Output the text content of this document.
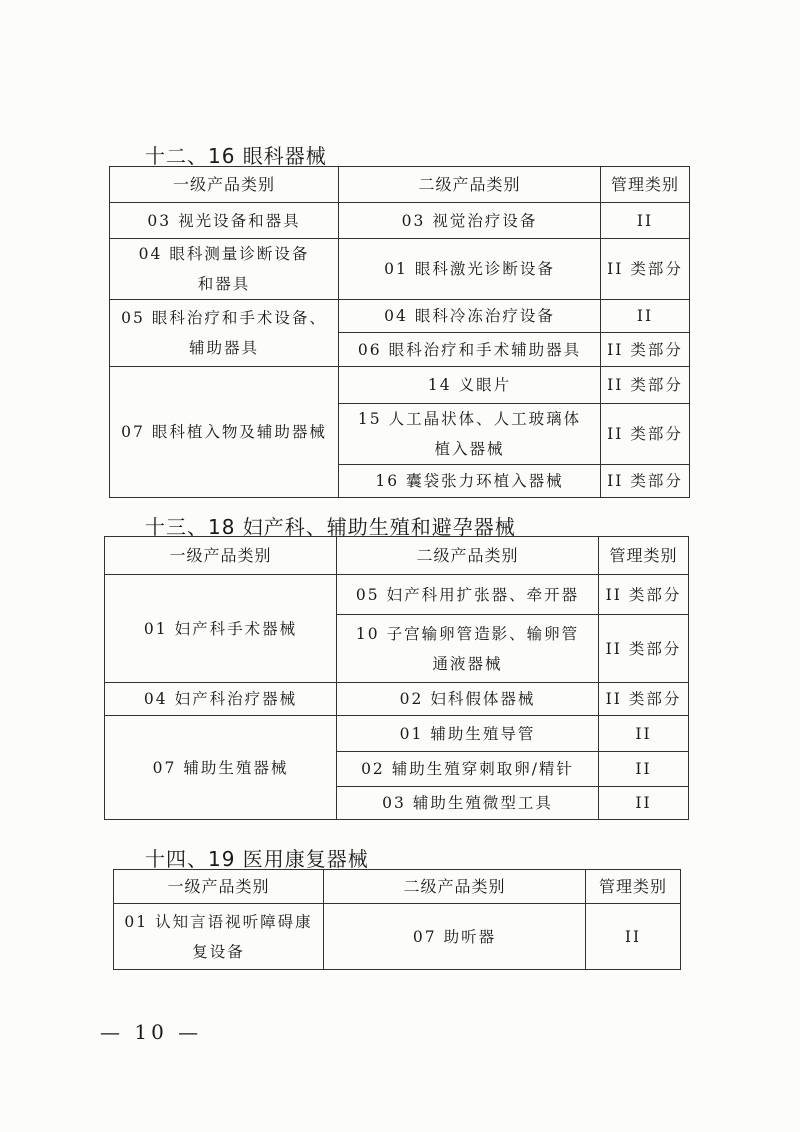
十二、16 眼科器械
一级产品类别	二级产品类别	管理类别
03 视光设备和器具	03 视觉治疗设备	II
04 眼科测量诊断设备
和器具	01 眼科激光诊断设备	II 类部分
05 眼科治疗和手术设备、
辅助器具	04 眼科冷冻治疗设备	II
	06 眼科治疗和手术辅助器具	II 类部分
07 眼科植入物及辅助器械	14 义眼片	II 类部分
	15 人工晶状体、人工玻璃体
植入器械	II 类部分
	16 囊袋张力环植入器械	II 类部分
十三、18 妇产科、辅助生殖和避孕器械
一级产品类别	二级产品类别	管理类别
01 妇产科手术器械	05 妇产科用扩张器、牵开器	II 类部分
	10 子宫输卵管造影、输卵管
通液器械	II 类部分
04 妇产科治疗器械	02 妇科假体器械	II 类部分
07 辅助生殖器械	01 辅助生殖导管	II
	02 辅助生殖穿刺取卵/精针	II
	03 辅助生殖微型工具	II
十四、19 医用康复器械
一级产品类别	二级产品类别	管理类别
01 认知言语视听障碍康
复设备	07 助听器	II

— 10 —
